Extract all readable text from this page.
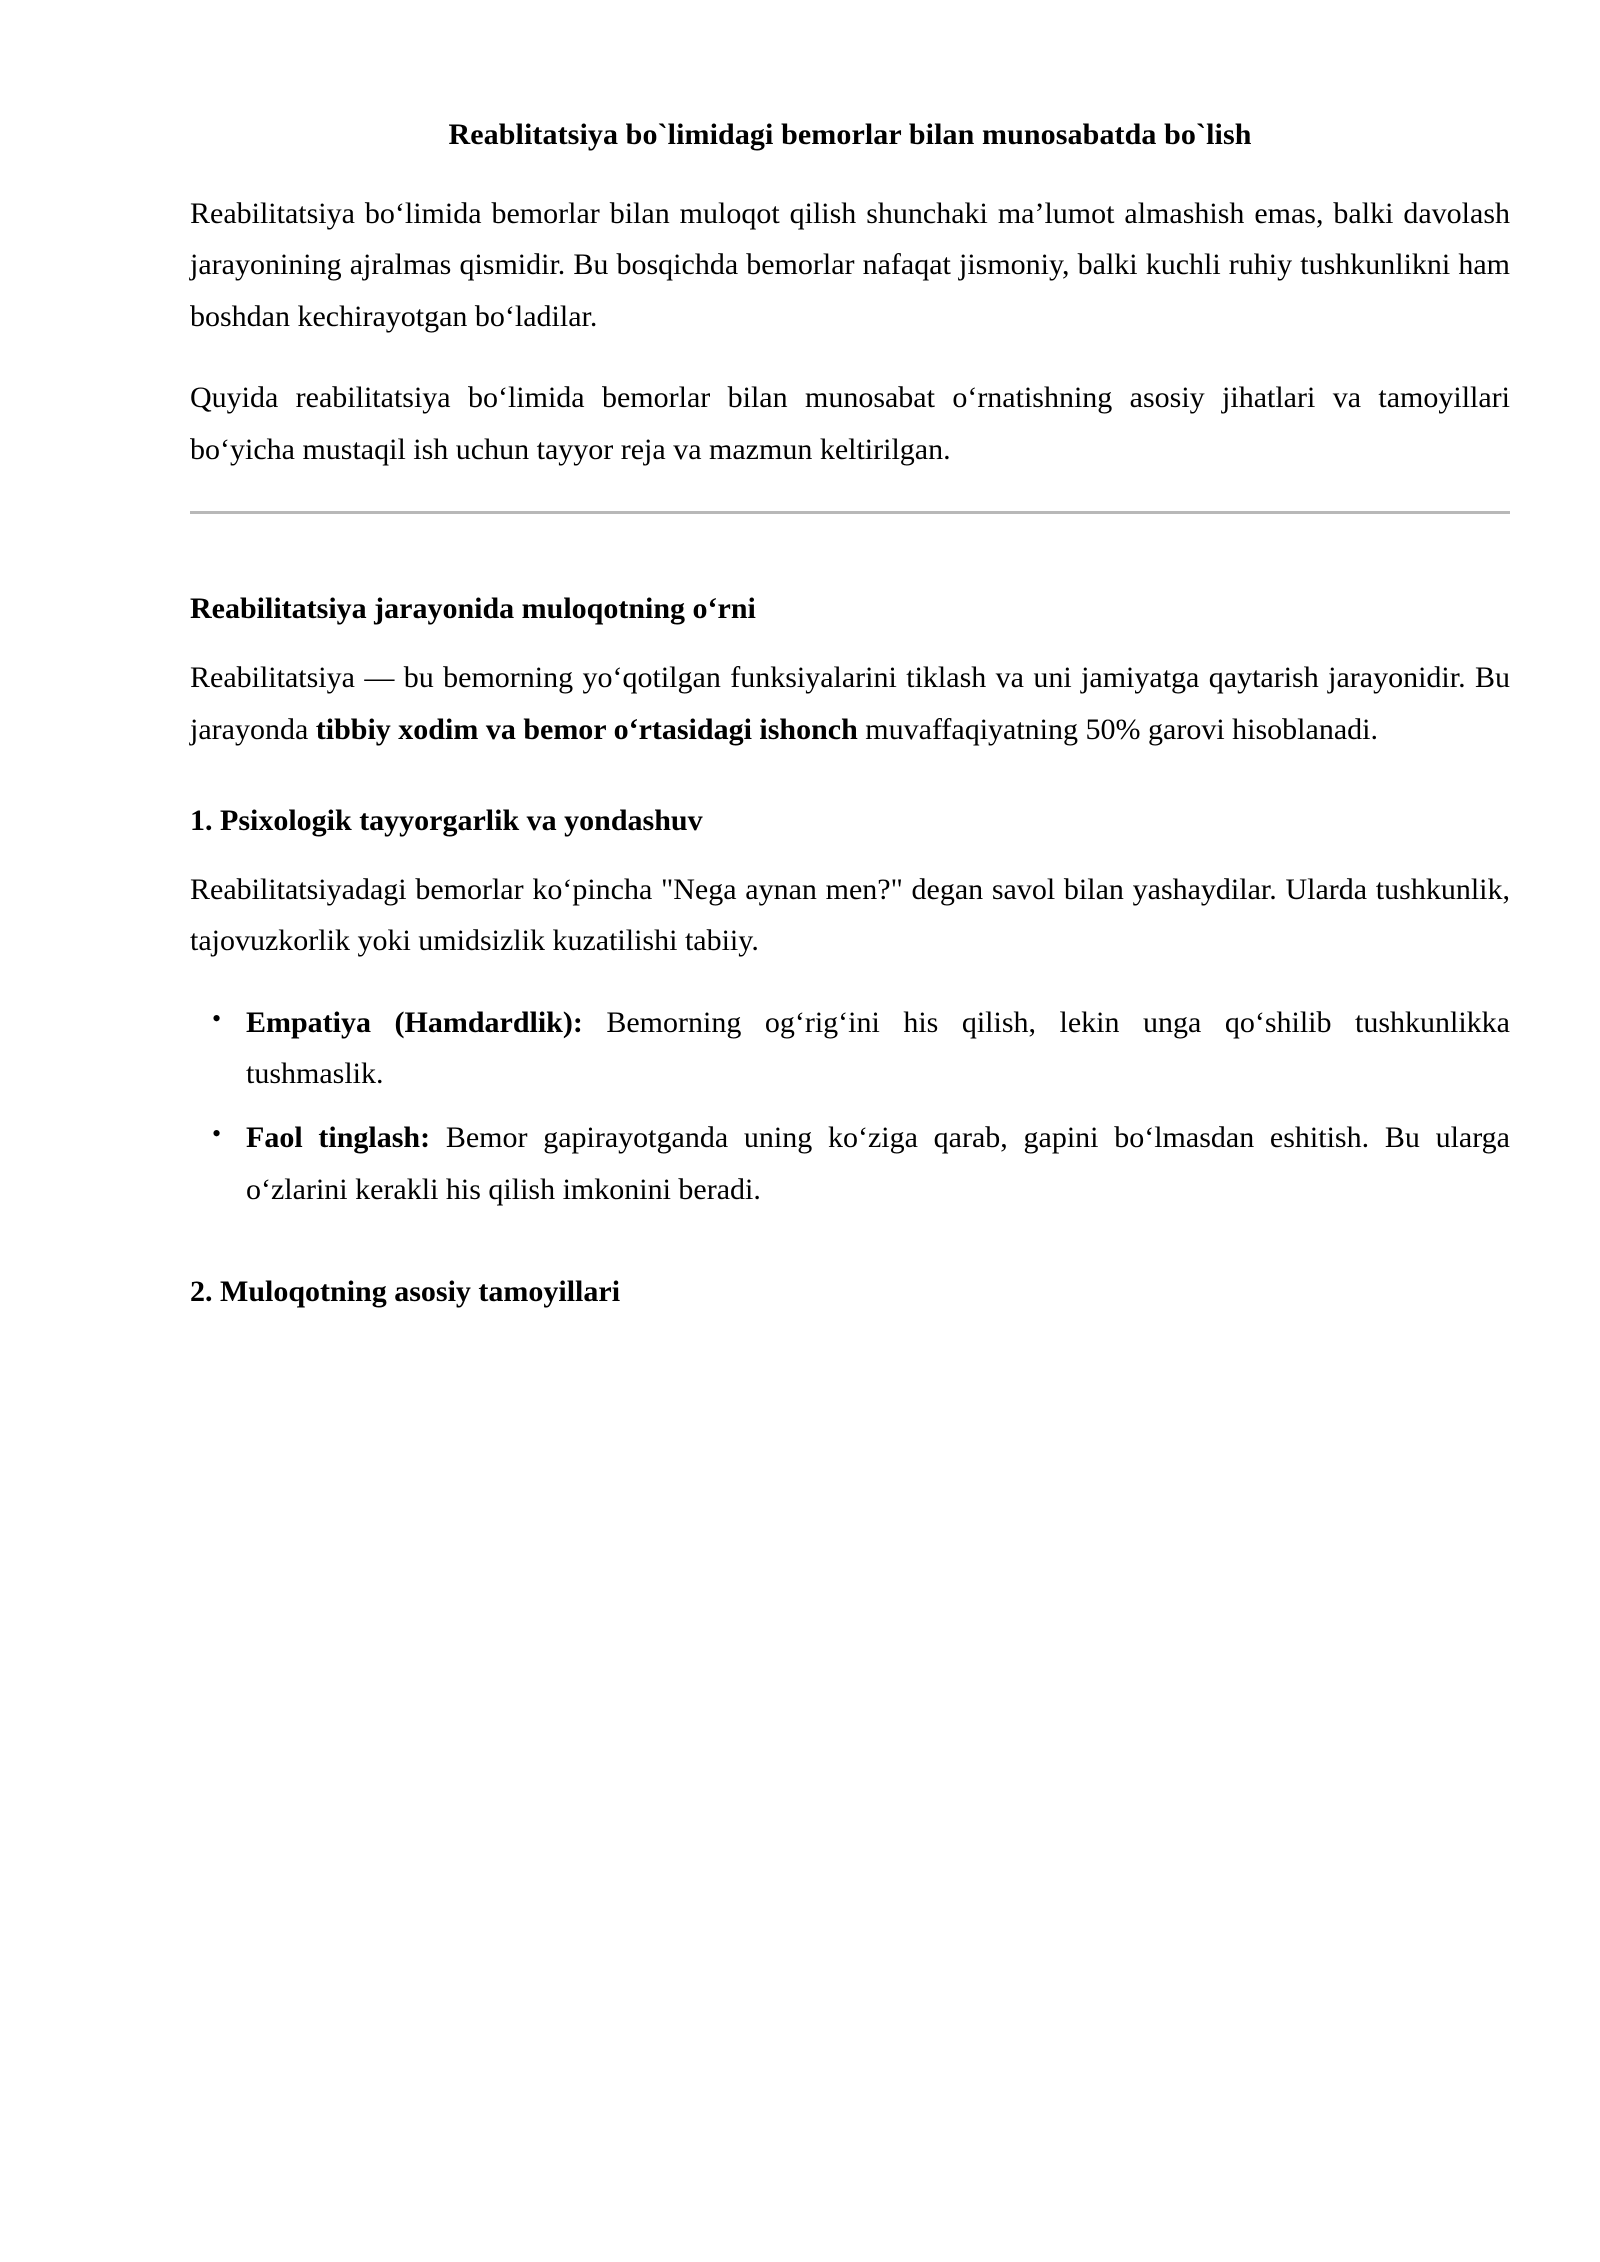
Reablitatsiya bo`limidagi bemorlar bilan munosabatda bo`lish

Reabilitatsiya bo‘limida bemorlar bilan muloqot qilish shunchaki ma’lumot almashish emas, balki davolash jarayonining ajralmas qismidir. Bu bosqichda bemorlar nafaqat jismoniy, balki kuchli ruhiy tushkunlikni ham boshdan kechirayotgan bo‘ladilar.

Quyida reabilitatsiya bo‘limida bemorlar bilan munosabat o‘rnatishning asosiy jihatlari va tamoyillari bo‘yicha mustaqil ish uchun tayyor reja va mazmun keltirilgan.

Reabilitatsiya jarayonida muloqotning o‘rni

Reabilitatsiya — bu bemorning yo‘qotilgan funksiyalarini tiklash va uni jamiyatga qaytarish jarayonidir. Bu jarayonda tibbiy xodim va bemor o‘rtasidagi ishonch muvaffaqiyatning 50% garovi hisoblanadi.

1. Psixologik tayyorgarlik va yondashuv

Reabilitatsiyadagi bemorlar ko‘pincha "Nega aynan men?" degan savol bilan yashaydilar. Ularda tushkunlik, tajovuzkorlik yoki umidsizlik kuzatilishi tabiiy.

• Empatiya (Hamdardlik): Bemorning og‘rig‘ini his qilish, lekin unga qo‘shilib tushkunlikka tushmaslik.
• Faol tinglash: Bemor gapirayotganda uning ko‘ziga qarab, gapini bo‘lmasdan eshitish. Bu ularga o‘zlarini kerakli his qilish imkonini beradi.
2. Muloqotning asosiy tamoyillari
